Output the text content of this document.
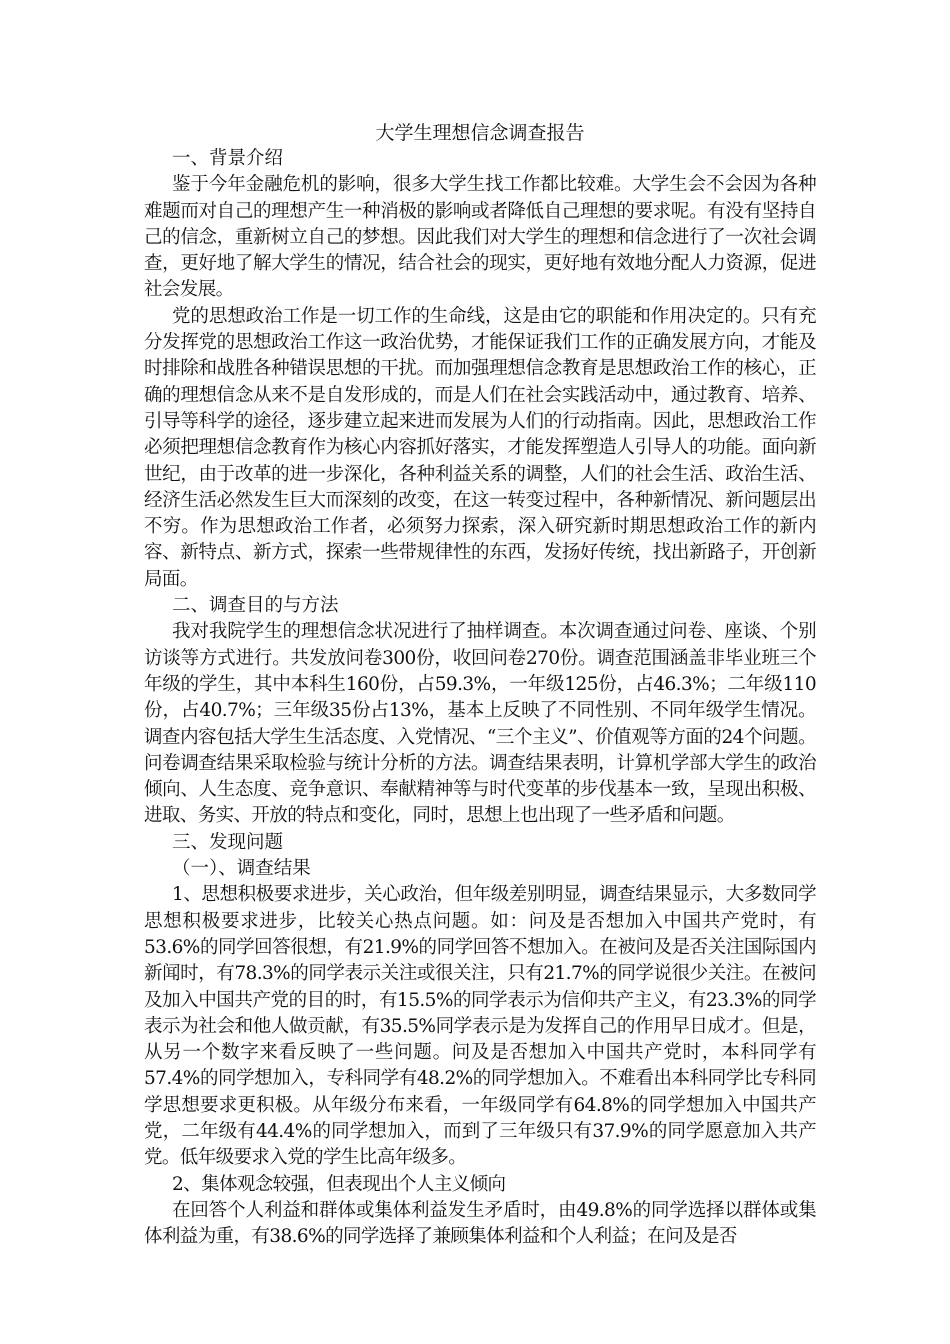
大学生理想信念调查报告

一、背景介绍

鉴于今年金融危机的影响，很多大学生找工作都比较难。大学生会不会因为各种难题而对自己的理想产生一种消极的影响或者降低自己理想的要求呢。有没有坚持自己的信念，重新树立自己的梦想。因此我们对大学生的理想和信念进行了一次社会调查，更好地了解大学生的情况，结合社会的现实，更好地有效地分配人力资源，促进社会发展。

党的思想政治工作是一切工作的生命线，这是由它的职能和作用决定的。只有充分发挥党的思想政治工作这一政治优势，才能保证我们工作的正确发展方向，才能及时排除和战胜各种错误思想的干扰。而加强理想信念教育是思想政治工作的核心，正确的理想信念从来不是自发形成的，而是人们在社会实践活动中，通过教育、培养、引导等科学的途径，逐步建立起来进而发展为人们的行动指南。因此，思想政治工作必须把理想信念教育作为核心内容抓好落实，才能发挥塑造人引导人的功能。面向新世纪，由于改革的进一步深化，各种利益关系的调整，人们的社会生活、政治生活、经济生活必然发生巨大而深刻的改变，在这一转变过程中，各种新情况、新问题层出不穷。作为思想政治工作者，必须努力探索，深入研究新时期思想政治工作的新内容、新特点、新方式，探索一些带规律性的东西，发扬好传统，找出新路子，开创新局面。

二、调查目的与方法

我对我院学生的理想信念状况进行了抽样调查。本次调查通过问卷、座谈、个别访谈等方式进行。共发放问卷300份，收回问卷270份。调查范围涵盖非毕业班三个年级的学生，其中本科生160份，占59.3%，一年级125份，占46.3%；二年级110份，占40.7%；三年级35份占13%，基本上反映了不同性别、不同年级学生情况。调查内容包括大学生生活态度、入党情况、“三个主义”、价值观等方面的24个问题。问卷调查结果采取检验与统计分析的方法。调查结果表明，计算机学部大学生的政治倾向、人生态度、竞争意识、奉献精神等与时代变革的步伐基本一致，呈现出积极、进取、务实、开放的特点和变化，同时，思想上也出现了一些矛盾和问题。

三、发现问题

（一）、调查结果

1、思想积极要求进步，关心政治，但年级差别明显，调查结果显示，大多数同学思想积极要求进步，比较关心热点问题。如：问及是否想加入中国共产党时，有53.6%的同学回答很想，有21.9%的同学回答不想加入。在被问及是否关注国际国内新闻时，有78.3%的同学表示关注或很关注，只有21.7%的同学说很少关注。在被问及加入中国共产党的目的时，有15.5%的同学表示为信仰共产主义，有23.3%的同学表示为社会和他人做贡献，有35.5%同学表示是为发挥自己的作用早日成才。但是，从另一个数字来看反映了一些问题。问及是否想加入中国共产党时，本科同学有57.4%的同学想加入，专科同学有48.2%的同学想加入。不难看出本科同学比专科同学思想要求更积极。从年级分布来看，一年级同学有64.8%的同学想加入中国共产党，二年级有44.4%的同学想加入，而到了三年级只有37.9%的同学愿意加入共产党。低年级要求入党的学生比高年级多。

2、集体观念较强，但表现出个人主义倾向

在回答个人利益和群体或集体利益发生矛盾时，由49.8%的同学选择以群体或集体利益为重，有38.6%的同学选择了兼顾集体利益和个人利益；在问及是否
